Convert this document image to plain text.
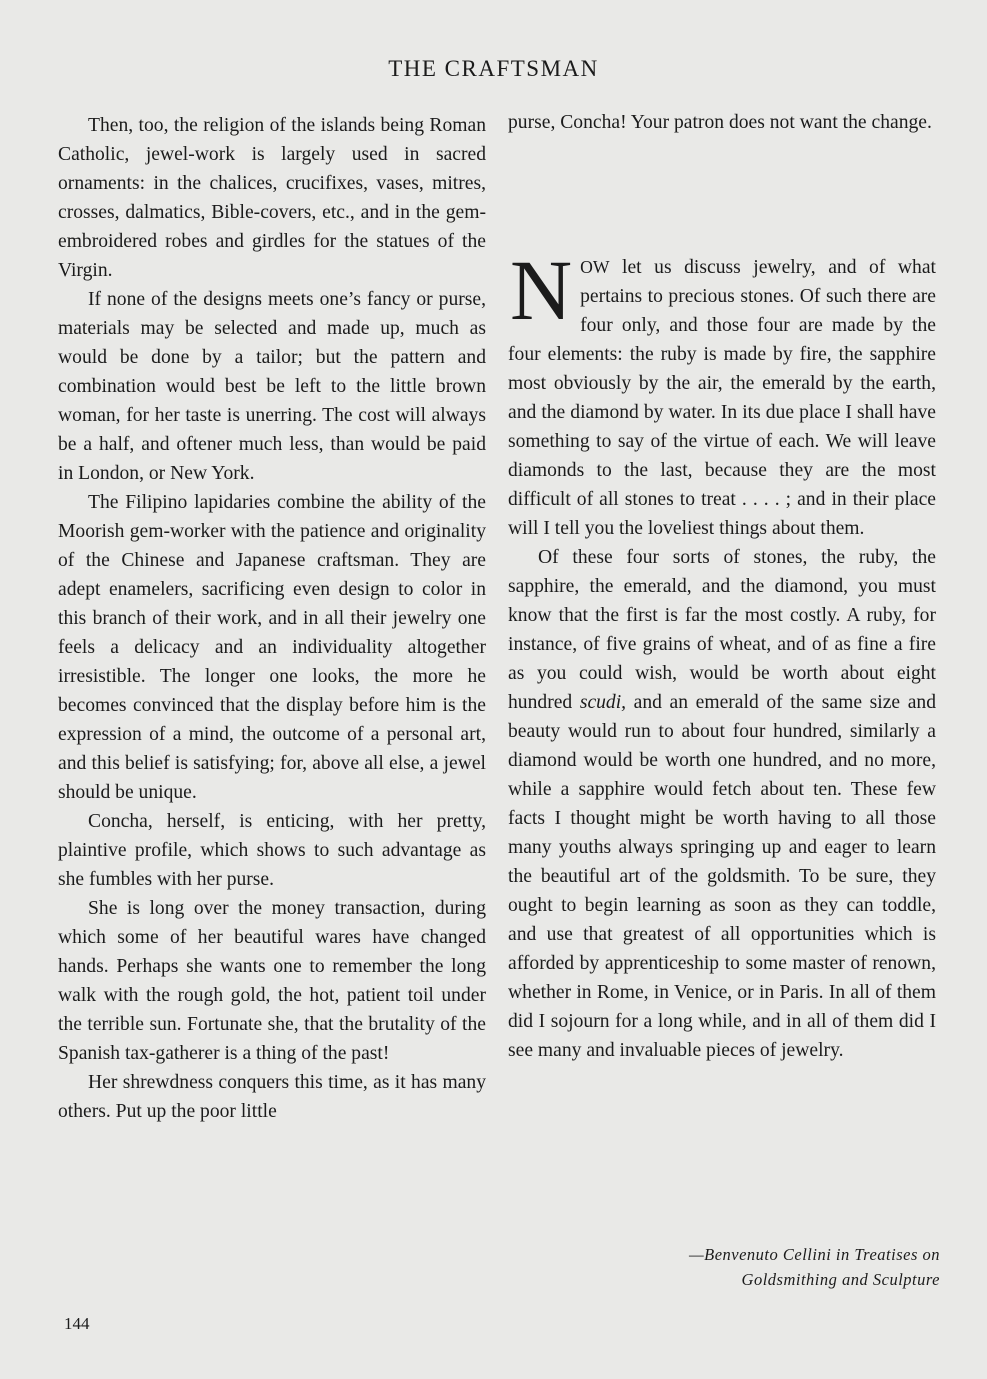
THE CRAFTSMAN

Then, too, the religion of the islands being Roman Catholic, jewel-work is largely used in sacred ornaments: in the chalices, crucifixes, vases, mitres, crosses, dalmatics, Bible-covers, etc., and in the gem-embroidered robes and girdles for the statues of the Virgin.

If none of the designs meets one’s fancy or purse, materials may be selected and made up, much as would be done by a tailor; but the pattern and combination would best be left to the little brown woman, for her taste is unerring. The cost will always be a half, and oftener much less, than would be paid in London, or New York.

The Filipino lapidaries combine the ability of the Moorish gem-worker with the patience and originality of the Chinese and Japanese craftsman. They are adept enamelers, sacrificing even design to color in this branch of their work, and in all their jewelry one feels a delicacy and an individuality altogether irresistible. The longer one looks, the more he becomes convinced that the display before him is the expression of a mind, the outcome of a personal art, and this belief is satisfying; for, above all else, a jewel should be unique.

Concha, herself, is enticing, with her pretty, plaintive profile, which shows to such advantage as she fumbles with her purse.

She is long over the money transaction, during which some of her beautiful wares have changed hands. Perhaps she wants one to remember the long walk with the rough gold, the hot, patient toil under the terrible sun. Fortunate she, that the brutality of the Spanish tax-gatherer is a thing of the past!

Her shrewdness conquers this time, as it has many others. Put up the poor little

purse, Concha! Your patron does not want the change.

NOW let us discuss jewelry, and of what pertains to precious stones. Of such there are four only, and those four are made by the four elements: the ruby is made by fire, the sapphire most obviously by the air, the emerald by the earth, and the diamond by water. In its due place I shall have something to say of the virtue of each. We will leave diamonds to the last, because they are the most difficult of all stones to treat . . . . ; and in their place will I tell you the loveliest things about them.

Of these four sorts of stones, the ruby, the sapphire, the emerald, and the diamond, you must know that the first is far the most costly. A ruby, for instance, of five grains of wheat, and of as fine a fire as you could wish, would be worth about eight hundred scudi, and an emerald of the same size and beauty would run to about four hundred, similarly a diamond would be worth one hundred, and no more, while a sapphire would fetch about ten. These few facts I thought might be worth having to all those many youths always springing up and eager to learn the beautiful art of the goldsmith. To be sure, they ought to begin learning as soon as they can toddle, and use that greatest of all opportunities which is afforded by apprenticeship to some master of renown, whether in Rome, in Venice, or in Paris. In all of them did I sojourn for a long while, and in all of them did I see many and invaluable pieces of jewelry.

—Benvenuto Cellini in Treatises on
Goldsmithing and Sculpture
144
